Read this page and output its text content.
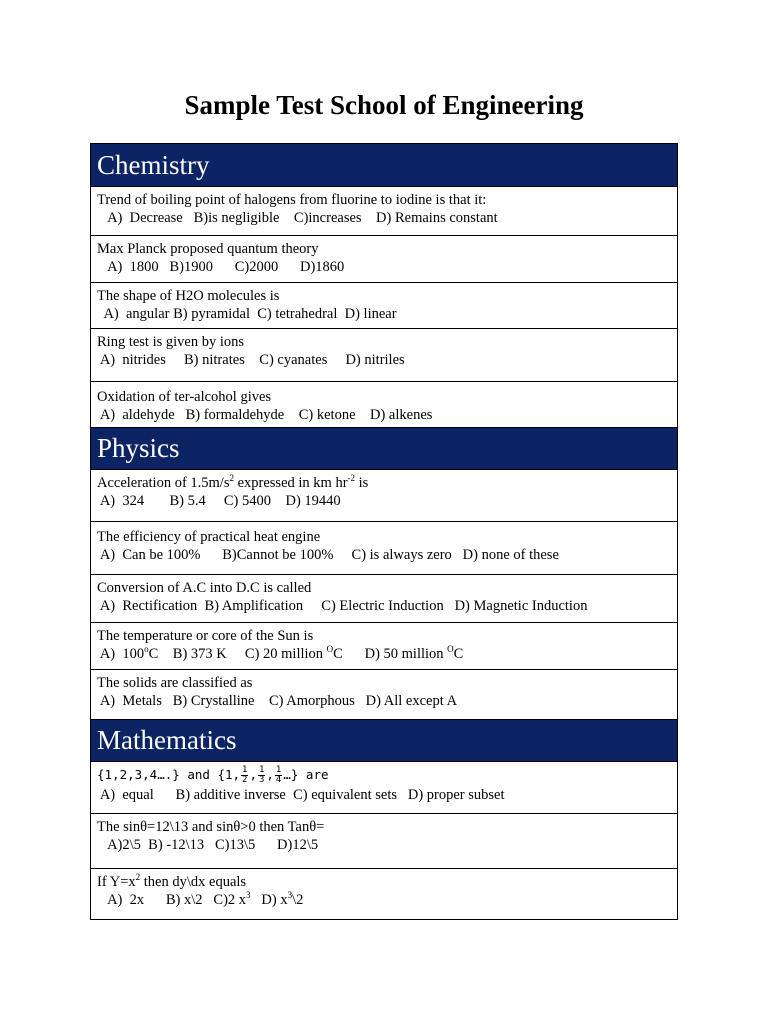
Sample Test School of Engineering
Chemistry
Trend of boiling point of halogens from fluorine to iodine is that it:
A)  Decrease   B)is negligible    C)increases    D) Remains constant
Max Planck proposed quantum theory
A)  1800   B)1900      C)2000      D)1860
The shape of H2O molecules is
A)  angular B) pyramidal  C) tetrahedral  D) linear
Ring test is given by ions
A)  nitrides     B) nitrates    C) cyanates     D) nitriles
Oxidation of ter-alcohol gives
A)  aldehyde   B) formaldehyde    C) ketone    D) alkenes
Physics
Acceleration of $1.5m/s^2$ expressed in km $hr^{-2}$ is
A)  324       B) 5.4     C) 5400    D) 19440
The efficiency of practical heat engine
A)  Can be 100%      B)Cannot be 100%     C) is always zero   D) none of these
Conversion of A.C into D.C is called
A)  Rectification  B) Amplification     C) Electric Induction   D) Magnetic Induction
The temperature or core of the Sun is
A)  100$^o$C    B) 373 K     C) 20 million $^O$C      D) 50 million $^O$C
The solids are classified as
A)  Metals   B) Crystalline    C) Amorphous   D) All except A
Mathematics
{1,2,3,4….} and {1, $\frac{1}{2}$ , $\frac{1}{3}$ , $\frac{1}{4}$ …} are
A)  equal      B) additive inverse  C) equivalent sets   D) proper subset
The sinθ=12\13 and sinθ>0 then Tanθ=
A)2\5  B) -12\13   C)13\5      D)12\5
If $Y=x^2$ then dy\dx equals
A)  2x      B) x\2   C)2 $x^3$   D) $x^3\backslash 2$
